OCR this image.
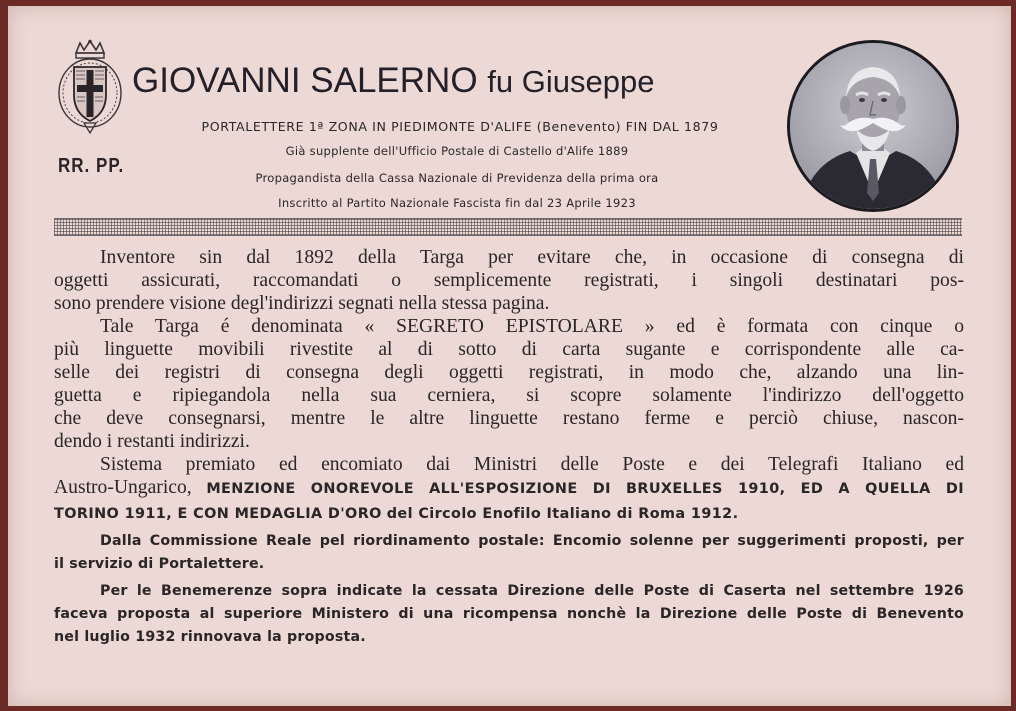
RR. PP.
GIOVANNI SALERNO fu Giuseppe
PORTALETTERE 1ª ZONA IN PIEDIMONTE D'ALIFE (Benevento) FIN DAL 1879
Già supplente dell'Ufficio Postale di Castello d'Alife 1889
Propagandista della Cassa Nazionale di Previdenza della prima ora
Inscritto al Partito Nazionale Fascista fin dal 23 Aprile 1923

Inventore sin dal 1892 della Targa per evitare che, in occasione di consegna di

oggetti assicurati, raccomandati o semplicemente registrati, i singoli destinatari pos-

sono prendere visione degl'indirizzi segnati nella stessa pagina.

Tale Targa é denominata « SEGRETO EPISTOLARE » ed è formata con cinque o

più linguette movibili rivestite al di sotto di carta sugante e corrispondente alle ca-

selle dei registri di consegna degli oggetti registrati, in modo che, alzando una lin-

guetta e ripiegandola nella sua cerniera, si scopre solamente l'indirizzo dell'oggetto

che deve consegnarsi, mentre le altre linguette restano ferme e perciò chiuse, nascon-

dendo i restanti indirizzi.

Sistema premiato ed encomiato dai Ministri delle Poste e dei Telegrafi Italiano ed

Austro-Ungarico, MENZIONE ONOREVOLE ALL'ESPOSIZIONE DI BRUXELLES 1910, ED A QUELLA DI

TORINO 1911, E CON MEDAGLIA D'ORO del Circolo Enofilo Italiano di Roma 1912.

Dalla Commissione Reale pel riordinamento postale: Encomio solenne per suggerimenti proposti, per

il servizio di Portalettere.

Per le Benemerenze sopra indicate la cessata Direzione delle Poste di Caserta nel settembre 1926

faceva proposta al superiore Ministero di una ricompensa nonchè la Direzione delle Poste di Benevento

nel luglio 1932 rinnovava la proposta.
